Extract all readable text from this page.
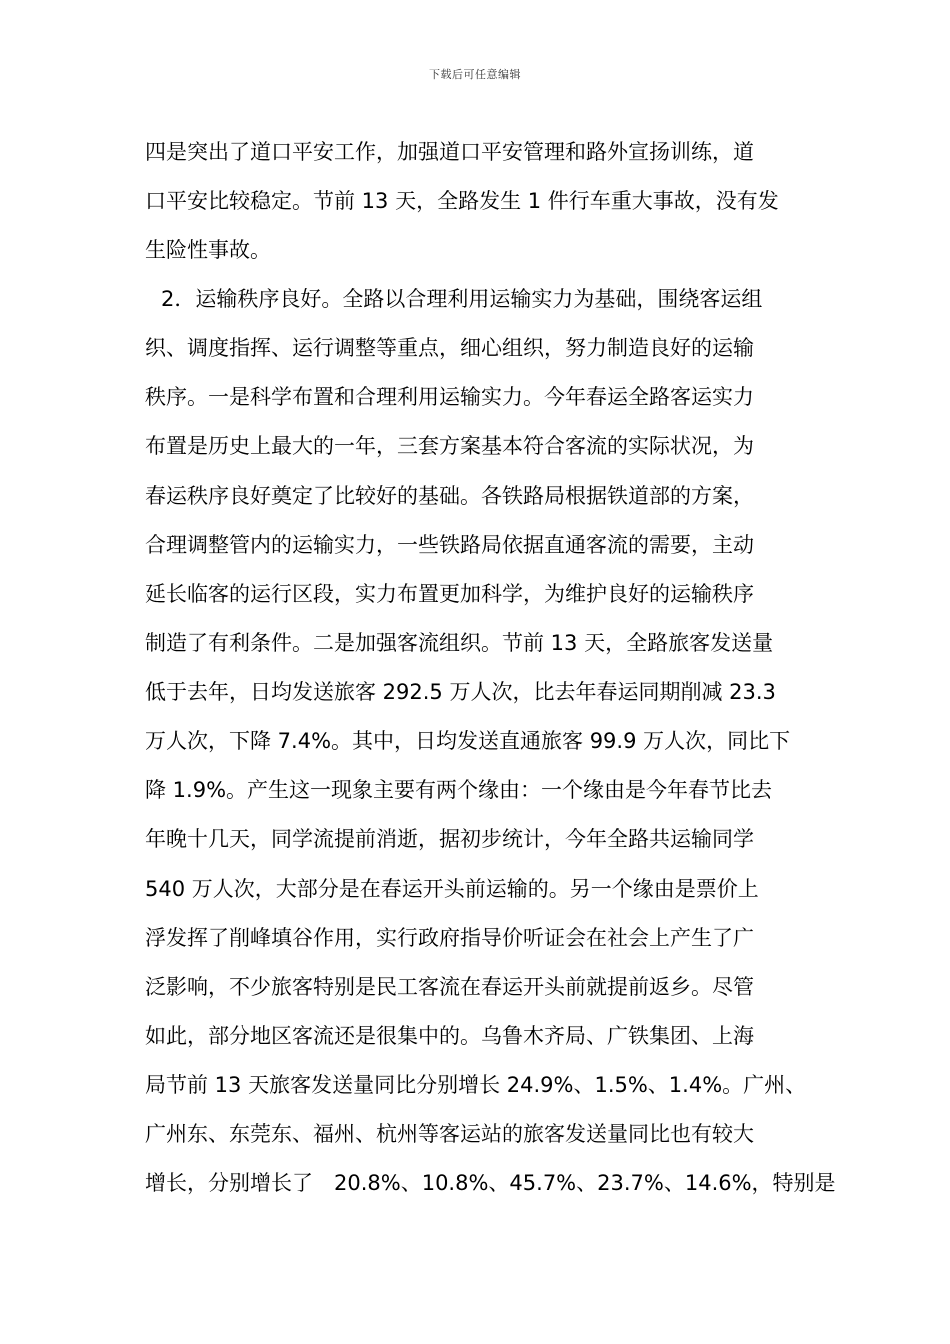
下载后可任意编辑
四是突出了道口平安工作，加强道口平安管理和路外宣扬训练，道
口平安比较稳定。节前 13 天，全路发生 1 件行车重大事故，没有发
生险性事故。
2．运输秩序良好。全路以合理利用运输实力为基础，围绕客运组
织、调度指挥、运行调整等重点，细心组织，努力制造良好的运输
秩序。一是科学布置和合理利用运输实力。今年春运全路客运实力
布置是历史上最大的一年，三套方案基本符合客流的实际状况，为
春运秩序良好奠定了比较好的基础。各铁路局根据铁道部的方案，
合理调整管内的运输实力，一些铁路局依据直通客流的需要，主动
延长临客的运行区段，实力布置更加科学，为维护良好的运输秩序
制造了有利条件。二是加强客流组织。节前 13 天，全路旅客发送量
低于去年，日均发送旅客 292.5 万人次，比去年春运同期削减 23.3
万人次，下降 7.4%。其中，日均发送直通旅客 99.9 万人次，同比下
降 1.9%。产生这一现象主要有两个缘由：一个缘由是今年春节比去
年晚十几天，同学流提前消逝，据初步统计，今年全路共运输同学
540 万人次，大部分是在春运开头前运输的。另一个缘由是票价上
浮发挥了削峰填谷作用，实行政府指导价听证会在社会上产生了广
泛影响，不少旅客特别是民工客流在春运开头前就提前返乡。尽管
如此，部分地区客流还是很集中的。乌鲁木齐局、广铁集团、上海
局节前 13 天旅客发送量同比分别增长 24.9%、1.5%、1.4%。广州、
广州东、东莞东、福州、杭州等客运站的旅客发送量同比也有较大
增长，分别增长了　20.8%、10.8%、45.7%、23.7%、14.6%，特别是
